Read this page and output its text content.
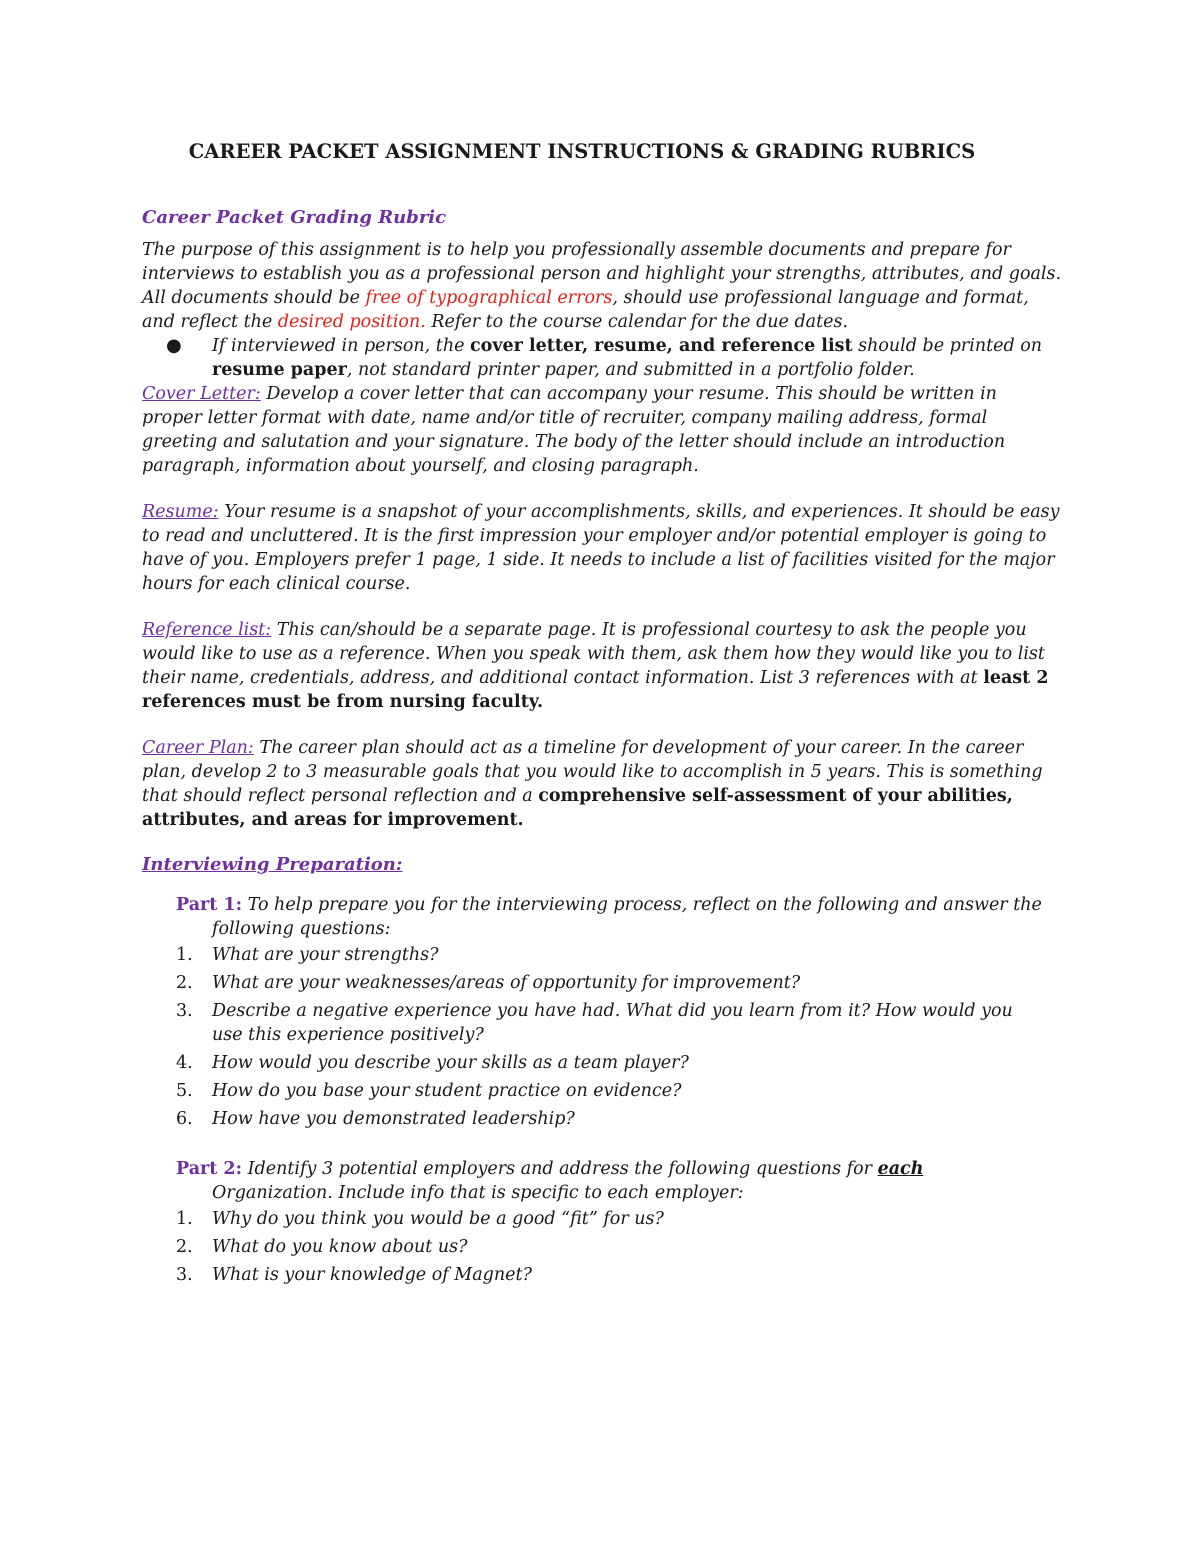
CAREER PACKET ASSIGNMENT INSTRUCTIONS & GRADING RUBRICS
Career Packet Grading Rubric

The purpose of this assignment is to help you professionally assemble documents and prepare for interviews to establish you as a professional person and highlight your strengths, attributes, and goals. All documents should be free of typographical errors, should use professional language and format, and reflect the desired position. Refer to the course calendar for the due dates.

●	If interviewed in person, the cover letter, resume, and reference list should be printed on resume paper, not standard printer paper, and submitted in a portfolio folder.

Cover Letter: Develop a cover letter that can accompany your resume. This should be written in proper letter format with date, name and/or title of recruiter, company mailing address, formal greeting and salutation and your signature. The body of the letter should include an introduction paragraph, information about yourself, and closing paragraph.

Resume: Your resume is a snapshot of your accomplishments, skills, and experiences. It should be easy to read and uncluttered. It is the first impression your employer and/or potential employer is going to have of you. Employers prefer 1 page, 1 side. It needs to include a list of facilities visited for the major hours for each clinical course.

Reference list: This can/should be a separate page. It is professional courtesy to ask the people you would like to use as a reference. When you speak with them, ask them how they would like you to list their name, credentials, address, and additional contact information. List 3 references with at least 2 references must be from nursing faculty.

Career Plan: The career plan should act as a timeline for development of your career. In the career plan, develop 2 to 3 measurable goals that you would like to accomplish in 5 years. This is something that should reflect personal reflection and a comprehensive self-assessment of your abilities, attributes, and areas for improvement.

Interviewing Preparation:
Part 1: To help prepare you for the interviewing process, reflect on the following and answer the
following questions:
1.	What are your strengths?
2.	What are your weaknesses/areas of opportunity for improvement?
3.	Describe a negative experience you have had. What did you learn from it? How would you
use this experience positively?
4.	How would you describe your skills as a team player?
5.	How do you base your student practice on evidence?
6.	How have you demonstrated leadership?
Part 2: Identify 3 potential employers and address the following questions for each
Organization. Include info that is specific to each employer:
1.	Why do you think you would be a good “fit” for us?
2.	What do you know about us?
3.	What is your knowledge of Magnet?
